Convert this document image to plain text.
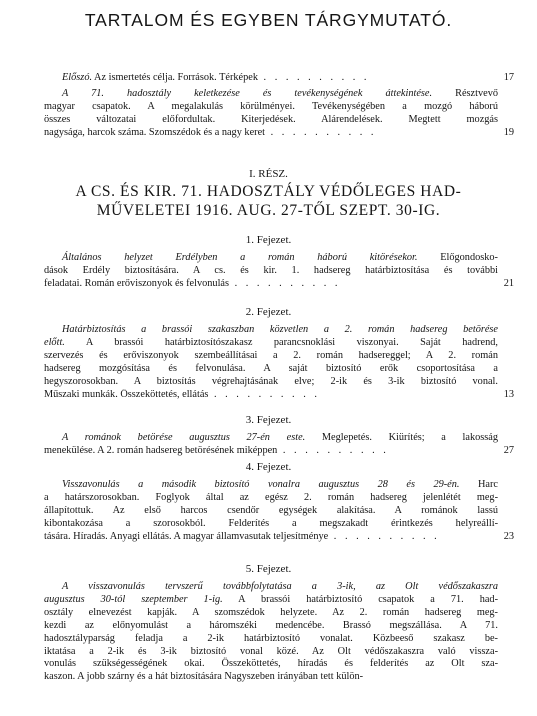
TARTALOM ÉS EGYBEN TÁRGYMUTATÓ.
Előszó. Az ismertetés célja. Források. Térképek . . . . . . . . . .	17
A 71. hadosztály keletkezése és tevékenységének áttekintése. Résztvevő
magyar csapatok. A megalakulás körülményei. Tevékenységében a mozgó háború
összes változatai előfordultak. Kiterjedések. Alárendelések. Megtett mozgás
nagysága, harcok száma. Szomszédok és a nagy keret . . . . . . . . . .	19
I. RÉSZ.
A CS. ÉS KIR. 71. HADOSZTÁLY VÉDŐLEGES HAD-
MŰVELETEI 1916. AUG. 27-TŐL SZEPT. 30-IG.
1. Fejezet.
Általános helyzet Erdélyben a román háború kitörésekor. Előgondosko-
dások Erdély biztosítására. A cs. és kir. 1. hadsereg határbiztosítása és további
feladatai. Román erőviszonyok és felvonulás . . . . . . . . . .	21
2. Fejezet.
Határbiztosítás a brassói szakaszban közvetlen a 2. román hadsereg betörése
előtt. A brassói határbiztosítószakasz parancsnoklási viszonyai. Saját hadrend,
szervezés és erőviszonyok szembeállításai a 2. román hadsereggel; A 2. román
hadsereg mozgósítása és felvonulása. A saját biztosító erők csoportosítása a
hegyszorosokban. A biztosítás végrehajtásának elve; 2-ik és 3-ik biztosító vonal.
Műszaki munkák. Összeköttetés, ellátás . . . . . . . . . .	13
3. Fejezet.
A románok betörése augusztus 27-én este. Meglepetés. Kiürítés; a lakosság
menekülése. A 2. román hadsereg betörésének miképpen . . . . . . . . . .	27
4. Fejezet.
Visszavonulás a második biztosító vonalra augusztus 28 és 29-én. Harc
a határszorosokban. Foglyok által az egész 2. román hadsereg jelenlétét meg-
állapítottuk. Az első harcos csendőr egységek alakítása. A románok lassú
kibontakozása a szorosokból. Felderítés a megszakadt érintkezés helyreállí-
tására. Híradás. Anyagi ellátás. A magyar államvasutak teljesítménye . . . . . . . . . .	23
5. Fejezet.
A visszavonulás tervszerű továbbfolytatása a 3-ik, az Olt védőszakaszra
augusztus 30-tól szeptember 1-ig. A brassói határbiztosító csapatok a 71. had-
osztály elnevezést kapják. A szomszédok helyzete. Az 2. román hadsereg meg-
kezdi az előnyomulást a háromszéki medencébe. Brassó megszállása. A 71.
hadosztályparság feladja a 2-ik határbiztosító vonalat. Közbeeső szakasz be-
iktatása a 2-ik és 3-ik biztosító vonal közé. Az Olt védőszakaszra való vissza-
vonulás szükségességének okai. Összeköttetés, híradás és felderítés az Olt sza-
kaszon. A jobb szárny és a hát biztosítására Nagyszeben irányában tett külön-
